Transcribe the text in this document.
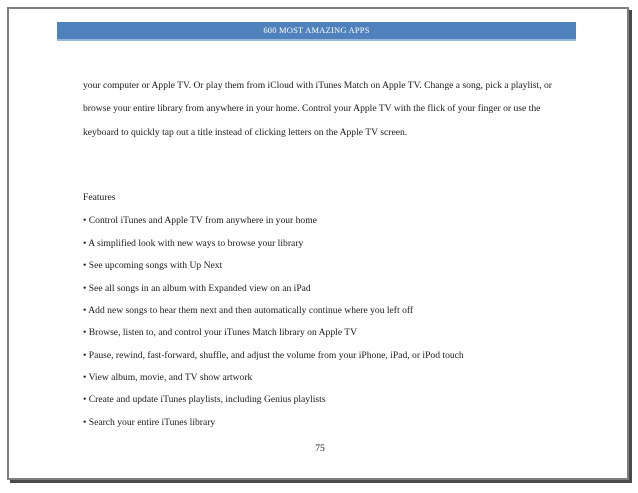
600 MOST AMAZING APPS
your computer or Apple TV. Or play them from iCloud with iTunes Match on Apple TV. Change a song, pick a playlist, or
browse your entire library from anywhere in your home. Control your Apple TV with the flick of your finger or use the
keyboard to quickly tap out a title instead of clicking letters on the Apple TV screen.
Features
• Control iTunes and Apple TV from anywhere in your home
• A simplified look with new ways to browse your library
• See upcoming songs with Up Next
• See all songs in an album with Expanded view on an iPad
• Add new songs to hear them next and then automatically continue where you left off
• Browse, listen to, and control your iTunes Match library on Apple TV
• Pause, rewind, fast-forward, shuffle, and adjust the volume from your iPhone, iPad, or iPod touch
• View album, movie, and TV show artwork
• Create and update iTunes playlists, including Genius playlists
• Search your entire iTunes library
75
